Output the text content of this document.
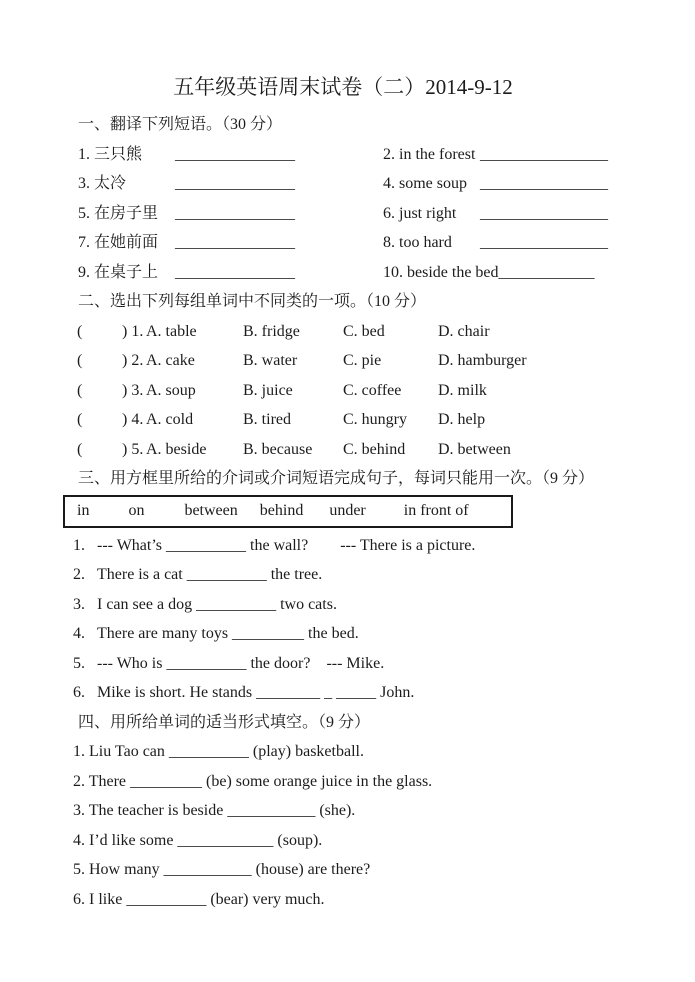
五年级英语周末试卷（二）2014-9-12
一、翻译下列短语。（30 分）
1. 三只熊	_______________	2. in the forest ________________
3. 太冷	_______________	4. some soup ________________
5. 在房子里	_______________	6. just right	________________
7. 在她前面	_______________	8. too hard	________________
9. 在桌子上	_______________	10. beside the bed ____________
二、选出下列每组单词中不同类的一项。（10 分）
(	) 1. A. table	B. fridge	C. bed	D. chair
(	) 2. A. cake	B. water	C. pie	D. hamburger
(	) 3. A. soup	B. juice	C. coffee	D. milk
(	) 4. A. cold	B. tired	C. hungry	D. help
(	) 5. A. beside	B. because	C. behind	D. between
三、用方框里所给的介词或介词短语完成句子，每词只能用一次。（9 分）
in on	between behind under in front of
1. --- What’s __________ the wall?        --- There is a picture.
2. There is a cat __________ the tree.
3. I can see a dog __________ two cats.
4. There are many toys _________ the bed.
5. --- Who is __________ the door?    --- Mike.
6. Mike is short. He stands ________ _ _____ John.
四、用所给单词的适当形式填空。（9 分）
1. Liu Tao can __________ (play) basketball.
2. There _________ (be) some orange juice in the glass.
3. The teacher is beside ___________ (she).
4. I’d like some ____________ (soup).
5. How many ___________ (house) are there?
6. I like __________ (bear) very much.
